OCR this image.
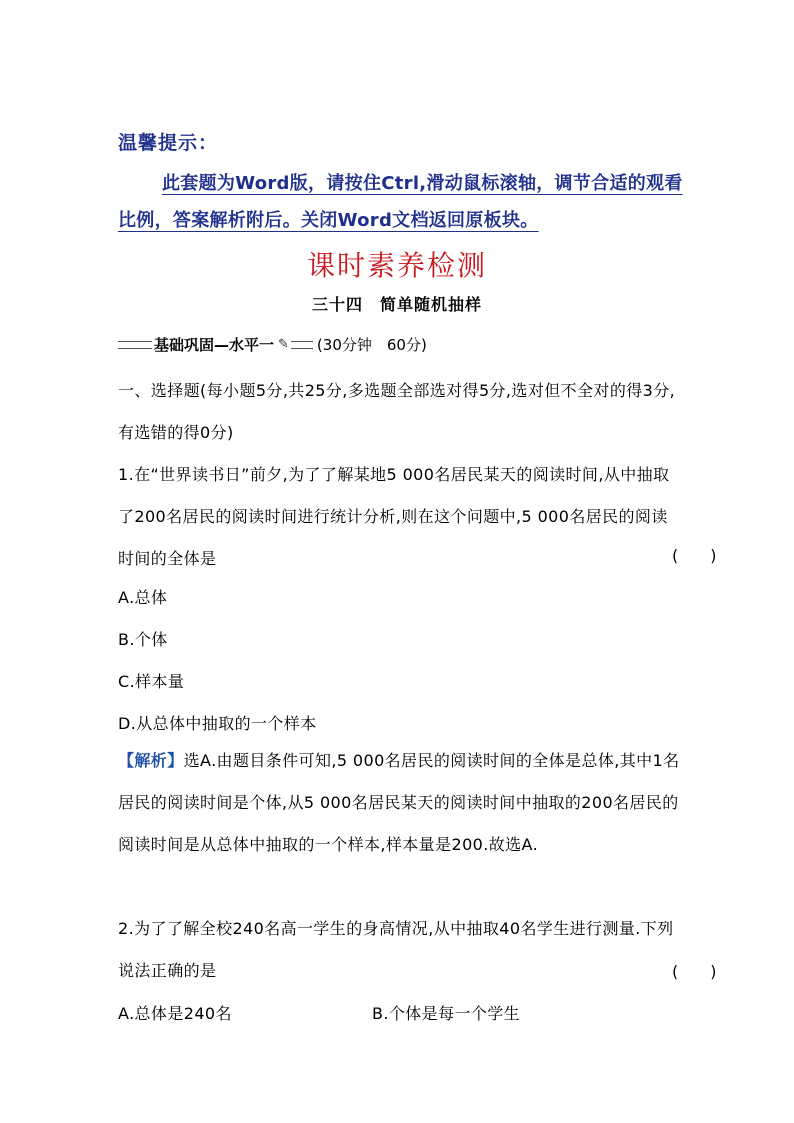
温馨提示：
此套题为Word版，请按住Ctrl,滑动鼠标滚轴，调节合适的观看比例，答案解析附后。关闭Word文档返回原板块。
课时素养检测
三十四　简单随机抽样
基础巩固—水平一 ✎ (30分钟　60分)
一、选择题(每小题5分,共25分,多选题全部选对得5分,选对但不全对的得3分,有选错的得0分)
1.在“世界读书日”前夕,为了了解某地5 000名居民某天的阅读时间,从中抽取了200名居民的阅读时间进行统计分析,则在这个问题中,5 000名居民的阅读时间的全体是	(　　)
A.总体
B.个体
C.样本量
D.从总体中抽取的一个样本
【解析】选A.由题目条件可知,5 000名居民的阅读时间的全体是总体,其中1名居民的阅读时间是个体,从5 000名居民某天的阅读时间中抽取的200名居民的阅读时间是从总体中抽取的一个样本,样本量是200.故选A.
2.为了了解全校240名高一学生的身高情况,从中抽取40名学生进行测量.下列说法正确的是	(　　)
A.总体是240名	B.个体是每一个学生
